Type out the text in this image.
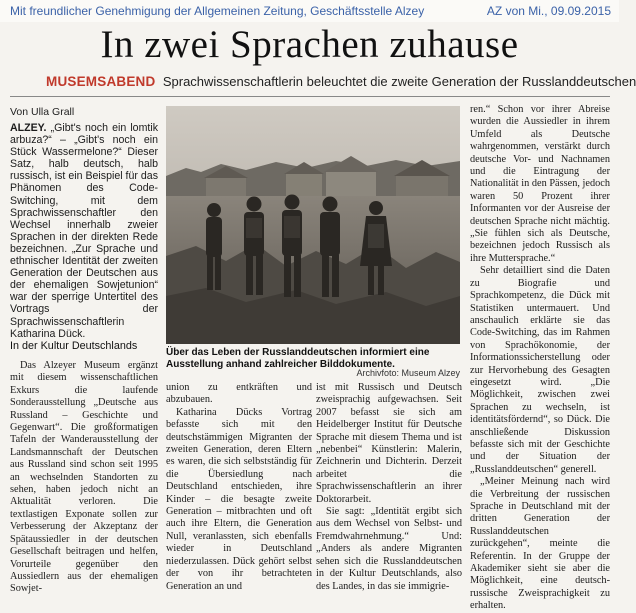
Mit freundlicher Genehmigung der Allgemeinen Zeitung, Geschäftsstelle Alzey	AZ von Mi., 09.09.2015
In zwei Sprachen zuhause
MUSEMSABEND Sprachwissenschaftlerin beleuchtet die zweite Generation der Russlanddeutschen
Von Ulla Grall

ALZEY. „Gibt's noch ein lomtik arbuza?“ – „Gibt's noch ein Stück Wassermelone?“ Dieser Satz, halb deutsch, halb russisch, ist ein Beispiel für das Phänomen des Code-Switching, mit dem Sprachwissenschaftler den Wechsel innerhalb zweier Sprachen in der direkten Rede bezeichnen. „Zur Sprache und ethnischer Identität der zweiten Generation der Deutschen aus der ehemaligen Sowjetunion“ war der sperrige Untertitel des Vortrags der Sprachwissenschaftlerin Katharina Dück.

In der Kultur Deutschlands

Das Alzeyer Museum ergänzt mit diesem wissenschaftlichen Exkurs die laufende Sonderausstellung „Deutsche aus Russland – Geschichte und Gegenwart“. Die großformatigen Tafeln der Wanderausstellung der Landsmannschaft der Deutschen aus Russland sind schon seit 1995 an wechselnden Standorten zu sehen, haben jedoch nicht an Aktualität verloren. Die textlastigen Exponate sollen zur Verbesserung der Akzeptanz der Spätaussiedler in der deutschen Gesellschaft beitragen und helfen, Vorurteile gegenüber den Aussiedlern aus der ehemaligen Sowjet-

Über das Leben der Russlanddeutschen informiert eine Ausstellung anhand zahlreicher Bilddokumente.
Archivfoto: Museum Alzey

union zu entkräften und abzubauen.

Katharina Dücks Vortrag befasste sich mit den deutschstämmigen Migranten der zweiten Generation, deren Eltern es waren, die sich selbstständig für die Übersiedlung nach Deutschland entschieden, ihre Kinder – die besagte zweite Generation – mitbrachten und oft auch ihre Eltern, die Generation Null, veranlassten, sich ebenfalls wieder in Deutschland niederzulassen. Dück gehört selbst der von ihr betrachteten Generation an und

ist mit Russisch und Deutsch zweisprachig aufgewachsen. Seit 2007 befasst sie sich am Heidelberger Institut für Deutsche Sprache mit diesem Thema und ist „nebenbei“ Künstlerin: Malerin, Zeichnerin und Dichterin. Derzeit arbeitet die Sprachwissenschaftlerin an ihrer Doktorarbeit.

Sie sagt: „Identität ergibt sich aus dem Wechsel von Selbst- und Fremdwahrnehmung.“ Und: „Anders als andere Migranten sehen sich die Russlanddeutschen in der Kultur Deutschlands, also des Landes, in das sie immigrie-

ren.“ Schon vor ihrer Abreise wurden die Aussiedler in ihrem Umfeld als Deutsche wahrgenommen, verstärkt durch deutsche Vor- und Nachnamen und die Eintragung der Nationalität in den Pässen, jedoch waren 50 Prozent ihrer Informanten vor der Ausreise der deutschen Sprache nicht mächtig. „Sie fühlen sich als Deutsche, bezeichnen jedoch Russisch als ihre Muttersprache.“

Sehr detailliert sind die Daten zu Biografie und Sprachkompetenz, die Dück mit Statistiken untermauert. Und anschaulich erklärte sie das Code-Switching, das im Rahmen von Sprachökonomie, der Informationssicherstellung oder zur Hervorhebung des Gesagten eingesetzt wird. „Die Möglichkeit, zwischen zwei Sprachen zu wechseln, ist identitätsfördernd“, so Dück. Die anschließende Diskussion befasste sich mit der Geschichte und der Situation der „Russlanddeutschen“ generell.

„Meiner Meinung nach wird die Verbreitung der russischen Sprache in Deutschland mit der dritten Generation der Russlanddeutschen zurückgehen“, meinte die Referentin. In der Gruppe der Akademiker sieht sie aber die Möglichkeit, eine deutsch-russische Zweisprachigkeit zu erhalten.
